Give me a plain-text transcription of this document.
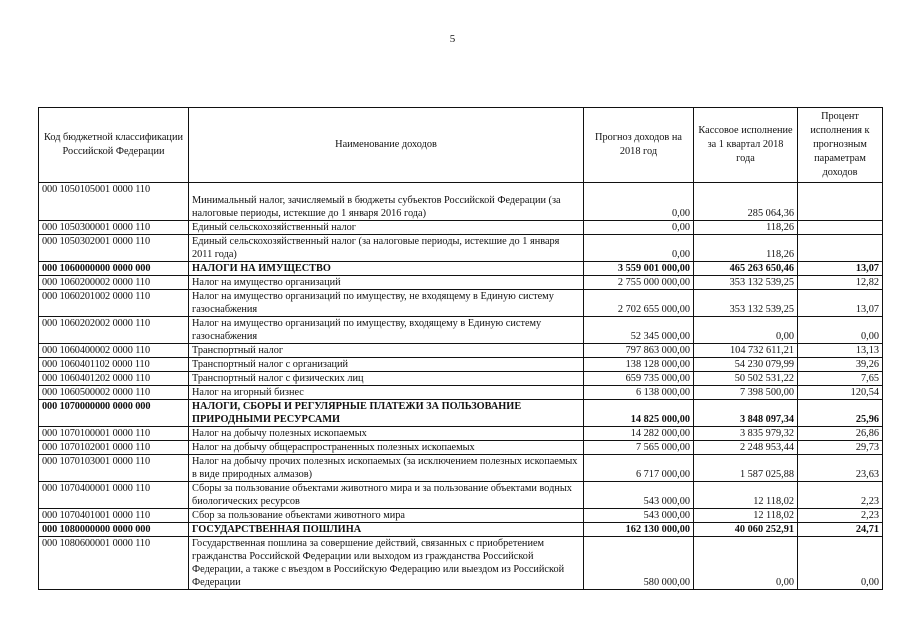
5
Код бюджетной классификации Российской Федерации	Наименование доходов	Прогноз доходов на 2018 год	Кассовое исполнение за 1 квартал 2018 года	Процент исполнения к прогнозным параметрам доходов
000 1050105001 0000 110	Минимальный налог, зачисляемый в бюджеты субъектов Российской Федерации (за налоговые периоды, истекшие до 1 января 2016 года)	0,00	285 064,36	
000 1050300001 0000 110	Единый сельскохозяйственный налог	0,00	118,26	
000 1050302001 0000 110	Единый сельскохозяйственный налог (за налоговые периоды, истекшие до 1 января 2011 года)	0,00	118,26	
000 1060000000 0000 000	НАЛОГИ НА ИМУЩЕСТВО	3 559 001 000,00	465 263 650,46	13,07
000 1060200002 0000 110	Налог на имущество организаций	2 755 000 000,00	353 132 539,25	12,82
000 1060201002 0000 110	Налог на имущество организаций по имуществу, не входящему в Единую систему газоснабжения	2 702 655 000,00	353 132 539,25	13,07
000 1060202002 0000 110	Налог на имущество организаций по имуществу, входящему в Единую систему газоснабжения	52 345 000,00	0,00	0,00
000 1060400002 0000 110	Транспортный налог	797 863 000,00	104 732 611,21	13,13
000 1060401102 0000 110	Транспортный налог с организаций	138 128 000,00	54 230 079,99	39,26
000 1060401202 0000 110	Транспортный налог с физических лиц	659 735 000,00	50 502 531,22	7,65
000 1060500002 0000 110	Налог на игорный бизнес	6 138 000,00	7 398 500,00	120,54
000 1070000000 0000 000	НАЛОГИ, СБОРЫ И РЕГУЛЯРНЫЕ ПЛАТЕЖИ ЗА ПОЛЬЗОВАНИЕ ПРИРОДНЫМИ РЕСУРСАМИ	14 825 000,00	3 848 097,34	25,96
000 1070100001 0000 110	Налог на добычу полезных ископаемых	14 282 000,00	3 835 979,32	26,86
000 1070102001 0000 110	Налог на добычу общераспространенных полезных ископаемых	7 565 000,00	2 248 953,44	29,73
000 1070103001 0000 110	Налог на добычу прочих полезных ископаемых (за исключением полезных ископаемых в виде природных алмазов)	6 717 000,00	1 587 025,88	23,63
000 1070400001 0000 110	Сборы за пользование объектами животного мира и за пользование объектами водных биологических ресурсов	543 000,00	12 118,02	2,23
000 1070401001 0000 110	Сбор за пользование объектами животного мира	543 000,00	12 118,02	2,23
000 1080000000 0000 000	ГОСУДАРСТВЕННАЯ ПОШЛИНА	162 130 000,00	40 060 252,91	24,71
000 1080600001 0000 110	Государственная пошлина за совершение действий, связанных с приобретением гражданства Российской Федерации или выходом из гражданства Российской Федерации, а также с въездом в Российскую Федерацию или выездом из Российской Федерации	580 000,00	0,00	0,00
